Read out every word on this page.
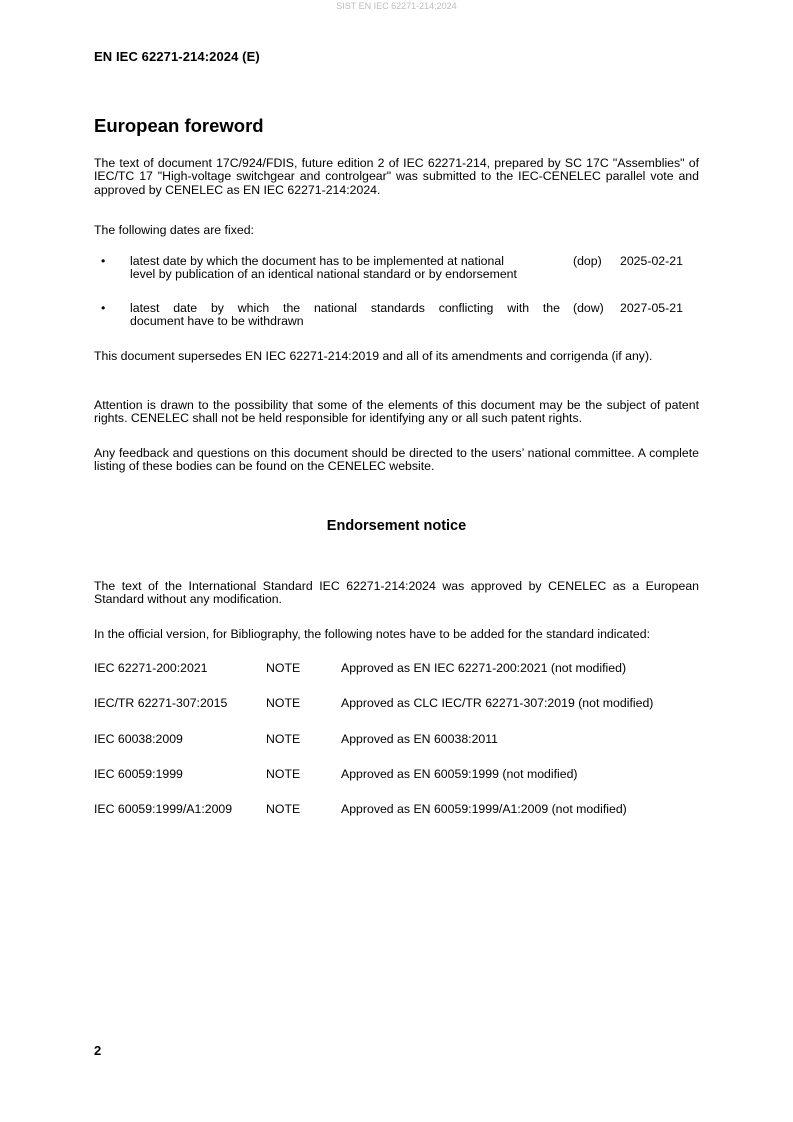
SIST EN IEC 62271-214:2024
EN IEC 62271-214:2024 (E)
European foreword

The text of document 17C/924/FDIS, future edition 2 of IEC 62271-214, prepared by SC 17C "Assemblies" of IEC/TC 17 "High-voltage switchgear and controlgear" was submitted to the IEC-CENELEC parallel vote and approved by CENELEC as EN IEC 62271-214:2024.

The following dates are fixed:

• latest date by which the document has to be implemented at national
level by publication of an identical national standard or by endorsement
(dop) 2025-02-21
• latest date by which the national standards conflicting with the
document have to be withdrawn
(dow) 2027-05-21

This document supersedes EN IEC 62271-214:2019 and all of its amendments and corrigenda (if any).

Attention is drawn to the possibility that some of the elements of this document may be the subject of patent rights. CENELEC shall not be held responsible for identifying any or all such patent rights.

Any feedback and questions on this document should be directed to the users’ national committee. A complete listing of these bodies can be found on the CENELEC website.

Endorsement notice

The text of the International Standard IEC 62271-214:2024 was approved by CENELEC as a European Standard without any modification.

In the official version, for Bibliography, the following notes have to be added for the standard indicated:

IEC 62271-200:2021	NOTE	Approved as EN IEC 62271-200:2021 (not modified)
IEC/TR 62271-307:2015	NOTE	Approved as CLC IEC/TR 62271-307:2019 (not modified)
IEC 60038:2009	NOTE	Approved as EN 60038:2011
IEC 60059:1999	NOTE	Approved as EN 60059:1999 (not modified)
IEC 60059:1999/A1:2009	NOTE	Approved as EN 60059:1999/A1:2009 (not modified)
2
